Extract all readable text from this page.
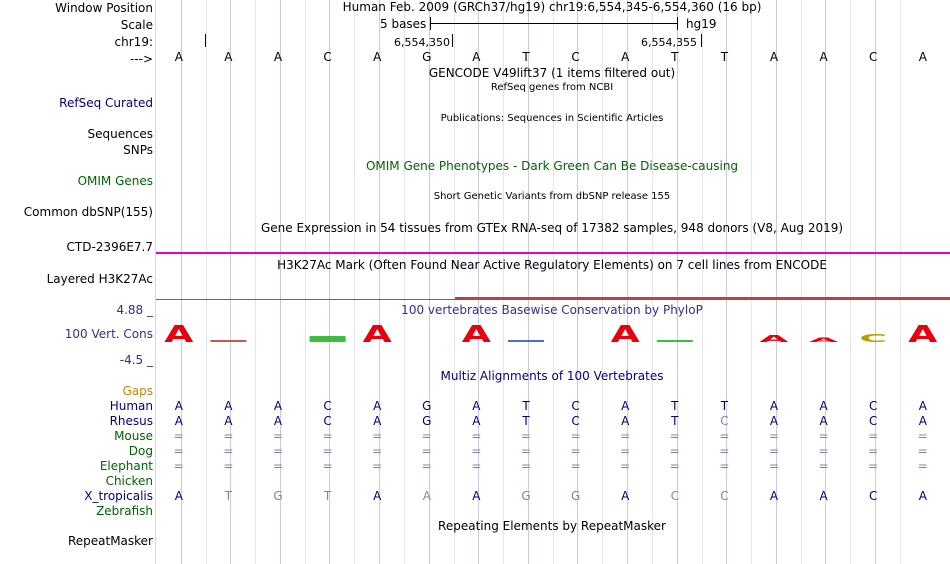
Window Position	Human Feb. 2009 (GRCh37/hg19) chr19:6,554,345-6,554,360 (16 bp)
Scale	5 bases	hg19
chr19:	6,554,350	6,554,355
---> A	A	A	C	A	G	A	T	C	A	T	T	A	A	C	A
GENCODE V49lift37 (1 items filtered out)
RefSeq genes from NCBI
RefSeq Curated
Publications: Sequences in Scientific Articles
Sequences
SNPs
OMIM Gene Phenotypes - Dark Green Can Be Disease-causing
OMIM Genes
Short Genetic Variants from dbSNP release 155
Common dbSNP(155)
Gene Expression in 54 tissues from GTEx RNA-seq of 17382 samples, 948 donors (V8, Aug 2019)
CTD-2396E7.7
H3K27Ac Mark (Often Found Near Active Regulatory Elements) on 7 cell lines from ENCODE
Layered H3K27Ac
100 vertebrates Basewise Conservation by PhyloP
4.88 _
100 Vert. Cons
-4.5 _
A	A	A	A	A A C A
Multiz Alignments of 100 Vertebrates
Gaps
Human A	A	A	C	A	G	A	T	C	A	T	T	A	A	C	A
Rhesus A	A	A	C	A	G	A	T	C	A	T	C	A	A	C	A
Mouse =	=	=	=	=	=	=	=	=	=	=	=	=	=	=	=
Dog =	=	=	=	=	=	=	=	=	=	=	=	=	=	=	=
Elephant =	=	=	=	=	=	=	=	=	=	=	=	=	=	=	=
Chicken
X_tropicalis A	T	G	T	A	A	A	G	G	A	C	C	A	A	C	A
Zebrafish
Repeating Elements by RepeatMasker
RepeatMasker
